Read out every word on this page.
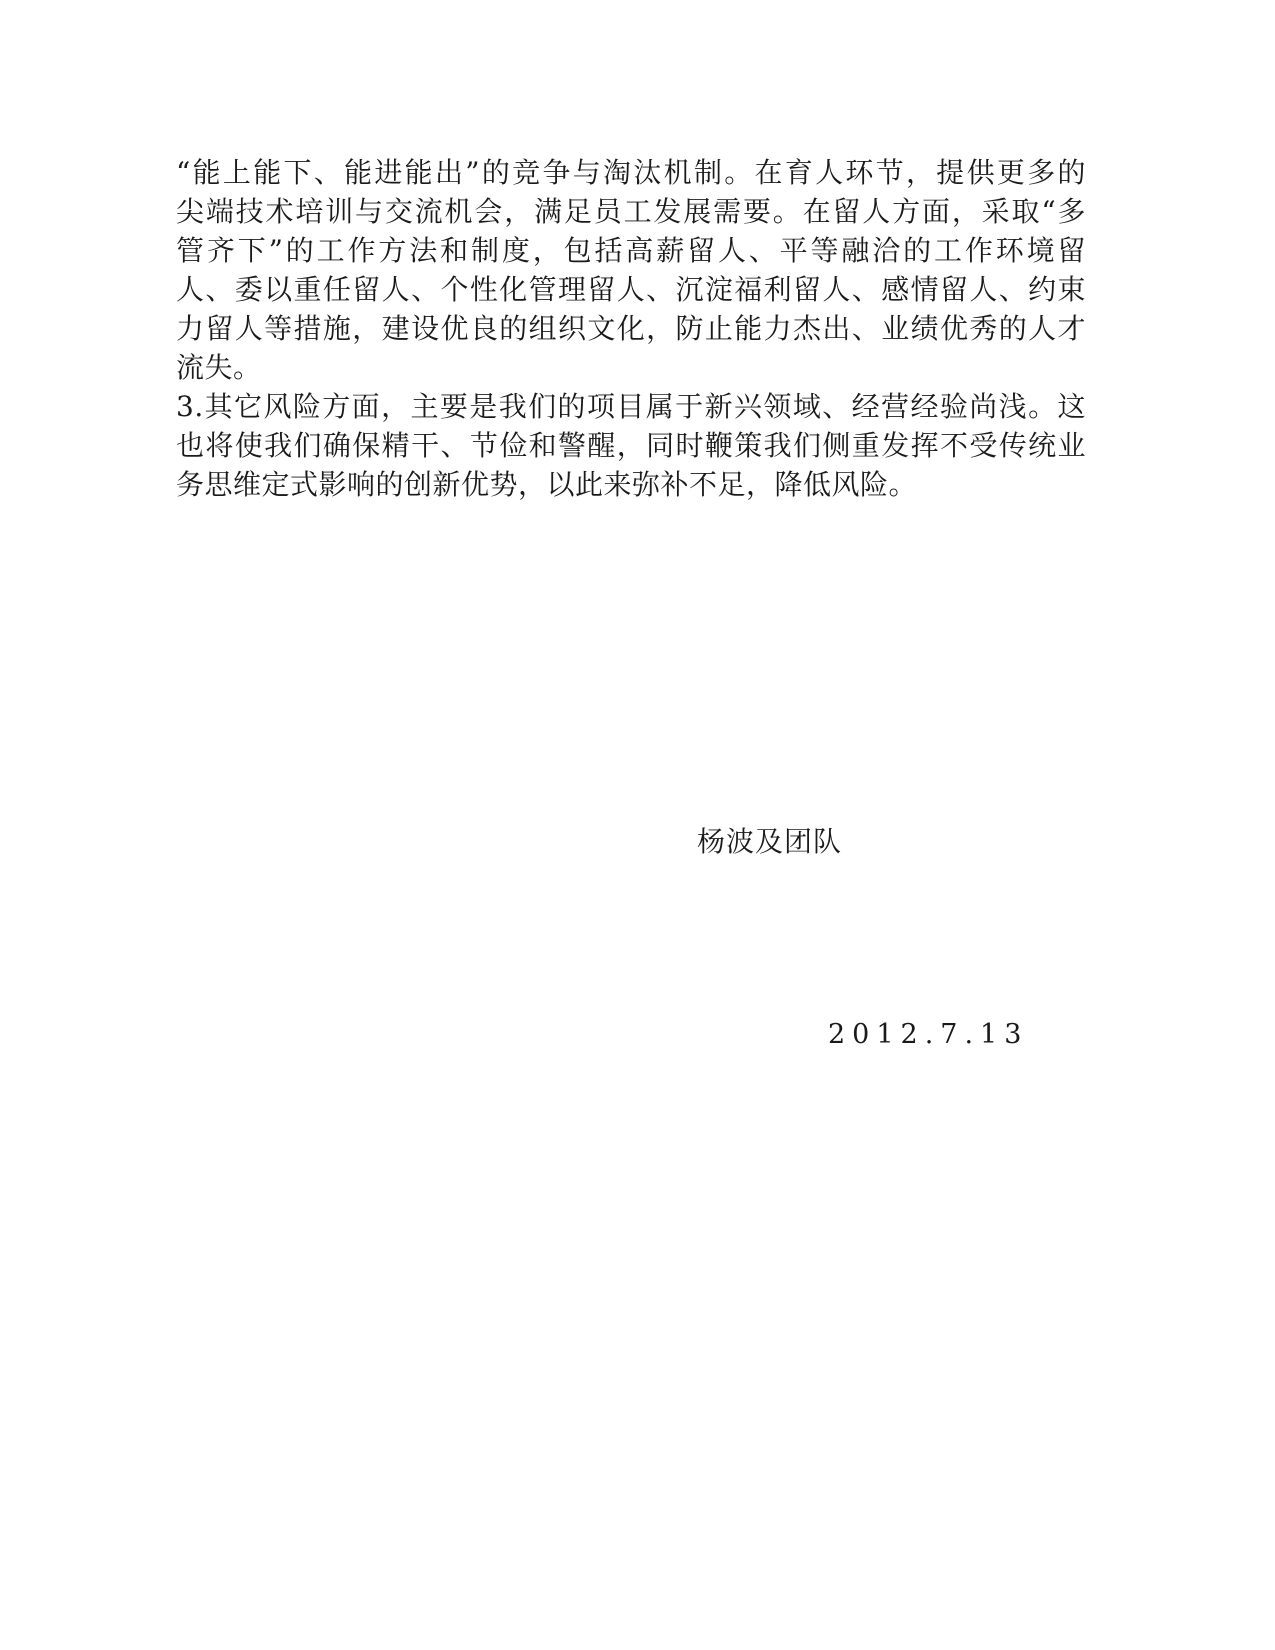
“能上能下、能进能出”的竞争与淘汰机制。在育人环节，提供更多的
尖端技术培训与交流机会，满足员工发展需要。在留人方面，采取“多
管齐下”的工作方法和制度，包括高薪留人、平等融洽的工作环境留
人、委以重任留人、个性化管理留人、沉淀福利留人、感情留人、约束
力留人等措施，建设优良的组织文化，防止能力杰出、业绩优秀的人才
流失。
3.其它风险方面，主要是我们的项目属于新兴领域、经营经验尚浅。这
也将使我们确保精干、节俭和警醒，同时鞭策我们侧重发挥不受传统业
务思维定式影响的创新优势，以此来弥补不足，降低风险。
杨波及团队
2012.7.13
